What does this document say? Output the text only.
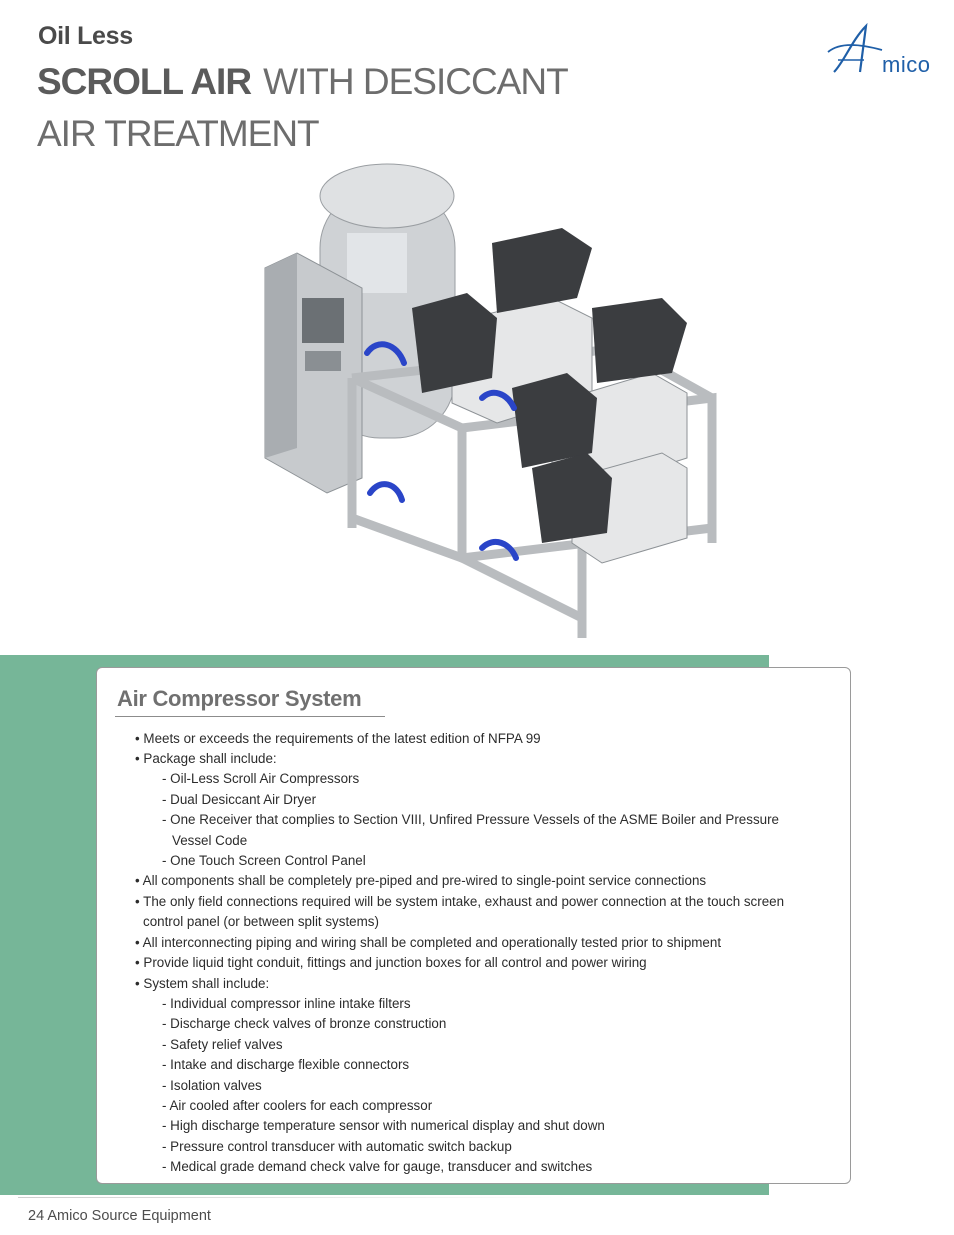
Oil Less
SCROLL AIR WITH DESICCANT
AIR TREATMENT
mico
Air Compressor System
• Meets or exceeds the requirements of the latest edition of NFPA 99
• Package shall include:
- Oil-Less Scroll Air Compressors
- Dual Desiccant Air Dryer
- One Receiver that complies to Section VIII, Unfired Pressure Vessels of the ASME Boiler and Pressure
Vessel Code
- One Touch Screen Control Panel
• All components shall be completely pre-piped and pre-wired to single-point service connections
• The only field connections required will be system intake, exhaust and power connection at the touch screen
control panel (or between split systems)
• All interconnecting piping and wiring shall be completed and operationally tested prior to shipment
• Provide liquid tight conduit, fittings and junction boxes for all control and power wiring
• System shall include:
- Individual compressor inline intake filters
- Discharge check valves of bronze construction
- Safety relief valves
- Intake and discharge flexible connectors
- Isolation valves
- Air cooled after coolers for each compressor
- High discharge temperature sensor with numerical display and shut down
- Pressure control transducer with automatic switch backup
- Medical grade demand check valve for gauge, transducer and switches
24 Amico Source Equipment
